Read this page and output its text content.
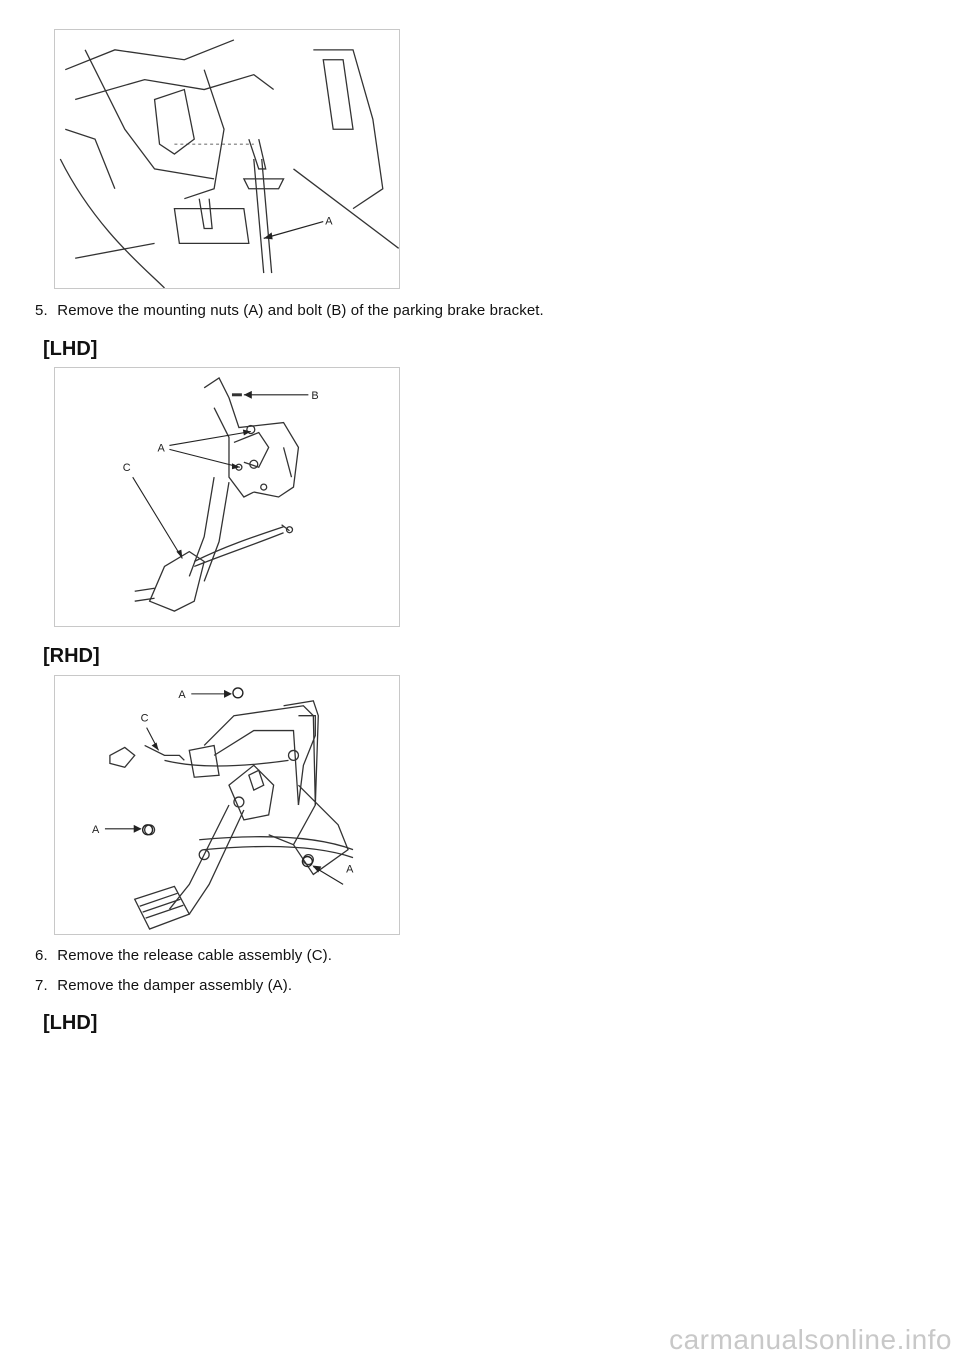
A
5. Remove the mounting nuts (A) and bolt (B) of the parking brake bracket.
[LHD]
B
A
C
[RHD]
A
C
A
A
6. Remove the release cable assembly (C).
7. Remove the damper assembly (A).
[LHD]
carmanualsonline.info
